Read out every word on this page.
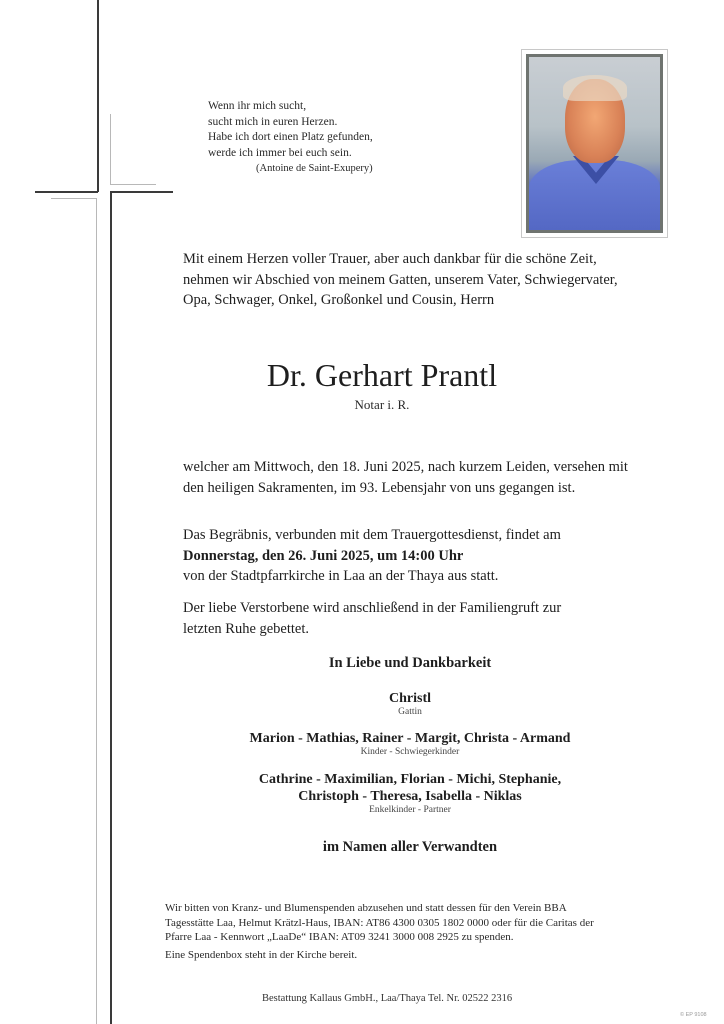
Wenn ihr mich sucht,
sucht mich in euren Herzen.
Habe ich dort einen Platz gefunden,
werde ich immer bei euch sein.
(Antoine de Saint-Exupery)
Mit einem Herzen voller Trauer, aber auch dankbar für die schöne Zeit,
nehmen wir Abschied von meinem Gatten, unserem Vater, Schwiegervater,
Opa, Schwager, Onkel, Großonkel und Cousin, Herrn
Dr. Gerhart Prantl
Notar i. R.
welcher am Mittwoch, den 18. Juni 2025, nach kurzem Leiden, versehen mit
den heiligen Sakramenten, im 93. Lebensjahr von uns gegangen ist.
Das Begräbnis, verbunden mit dem Trauergottesdienst, findet am
Donnerstag, den 26. Juni 2025, um 14:00 Uhr
von der Stadtpfarrkirche in Laa an der Thaya aus statt.
Der liebe Verstorbene wird anschließend in der Familiengruft zur
letzten Ruhe gebettet.
In Liebe und Dankbarkeit
Christl
Gattin
Marion - Mathias, Rainer - Margit, Christa - Armand
Kinder - Schwiegerkinder
Cathrine - Maximilian, Florian - Michi, Stephanie,
Christoph - Theresa, Isabella - Niklas
Enkelkinder - Partner
im Namen aller Verwandten
Wir bitten von Kranz- und Blumenspenden abzusehen und statt dessen für den Verein BBA
Tagesstätte Laa, Helmut Krätzl-Haus, IBAN: AT86 4300 0305 1802 0000 oder für die Caritas der
Pfarre Laa - Kennwort „LaaDe“ IBAN: AT09 3241 3000 008 2925 zu spenden.
Eine Spendenbox steht in der Kirche bereit.
Bestattung Kallaus GmbH., Laa/Thaya Tel. Nr. 02522 2316
© EP 9108
